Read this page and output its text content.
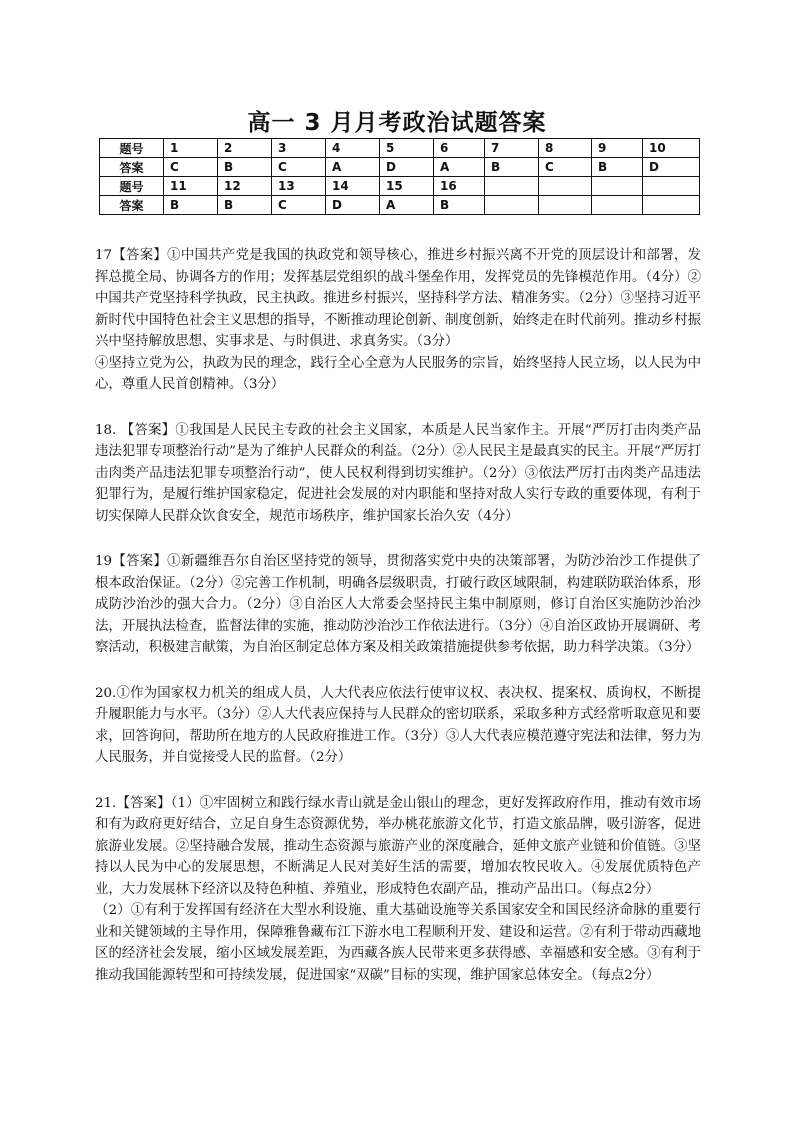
高一 3 月月考政治试题答案
题号	1	2	3	4	5	6	7	8	9	10
答案	C	B	C	A	D	A	B	C	B	D
题号	11	12	13	14	15	16				
答案	B	B	C	D	A	B				

17【答案】①中国共产党是我国的执政党和领导核心，推进乡村振兴离不开党的顶层设计和部署，发挥总揽全局、协调各方的作用；发挥基层党组织的战斗堡垒作用，发挥党员的先锋模范作用。（4分）②中国共产党坚持科学执政，民主执政。推进乡村振兴，坚持科学方法、精准务实。（2分）③坚持习近平新时代中国特色社会主义思想的指导，不断推动理论创新、制度创新，始终走在时代前列。推动乡村振兴中坚持解放思想、实事求是、与时俱进、求真务实。（3分）

④坚持立党为公，执政为民的理念，践行全心全意为人民服务的宗旨，始终坚持人民立场，以人民为中心，尊重人民首创精神。（3分）

18. 【答案】①我国是人民民主专政的社会主义国家，本质是人民当家作主。开展“严厉打击肉类产品违法犯罪专项整治行动”是为了维护人民群众的利益。（2分）②人民民主是最真实的民主。开展“严厉打击肉类产品违法犯罪专项整治行动”，使人民权利得到切实维护。（2分）③依法严厉打击肉类产品违法犯罪行为，是履行维护国家稳定，促进社会发展的对内职能和坚持对敌人实行专政的重要体现，有利于切实保障人民群众饮食安全，规范市场秩序，维护国家长治久安（4分）

19【答案】①新疆维吾尔自治区坚持党的领导，贯彻落实党中央的决策部署，为防沙治沙工作提供了根本政治保证。（2分）②完善工作机制，明确各层级职责，打破行政区域限制，构建联防联治体系，形成防沙治沙的强大合力。（2分）③自治区人大常委会坚持民主集中制原则，修订自治区实施防沙治沙法，开展执法检查，监督法律的实施，推动防沙治沙工作依法进行。（3分）④自治区政协开展调研、考察活动，积极建言献策，为自治区制定总体方案及相关政策措施提供参考依据，助力科学决策。（3分）

20.①作为国家权力机关的组成人员，人大代表应依法行使审议权、表决权、提案权、质询权，不断提升履职能力与水平。（3分）②人大代表应保持与人民群众的密切联系，采取多种方式经常听取意见和要求，回答询问，帮助所在地方的人民政府推进工作。（3分）③人大代表应模范遵守宪法和法律，努力为人民服务，并自觉接受人民的监督。（2分）

21.【答案】（1）①牢固树立和践行绿水青山就是金山银山的理念，更好发挥政府作用，推动有效市场和有为政府更好结合，立足自身生态资源优势，举办桃花旅游文化节，打造文旅品牌，吸引游客，促进旅游业发展。②坚持融合发展，推动生态资源与旅游产业的深度融合，延伸文旅产业链和价值链。③坚持以人民为中心的发展思想，不断满足人民对美好生活的需要，增加农牧民收入。④发展优质特色产业，大力发展林下经济以及特色种植、养殖业，形成特色农副产品，推动产品出口。（每点2分）

（2）①有利于发挥国有经济在大型水利设施、重大基础设施等关系国家安全和国民经济命脉的重要行业和关键领域的主导作用，保障雅鲁藏布江下游水电工程顺利开发、建设和运营。②有利于带动西藏地区的经济社会发展，缩小区域发展差距，为西藏各族人民带来更多获得感、幸福感和安全感。③有利于推动我国能源转型和可持续发展，促进国家“双碳”目标的实现，维护国家总体安全。（每点2分）
